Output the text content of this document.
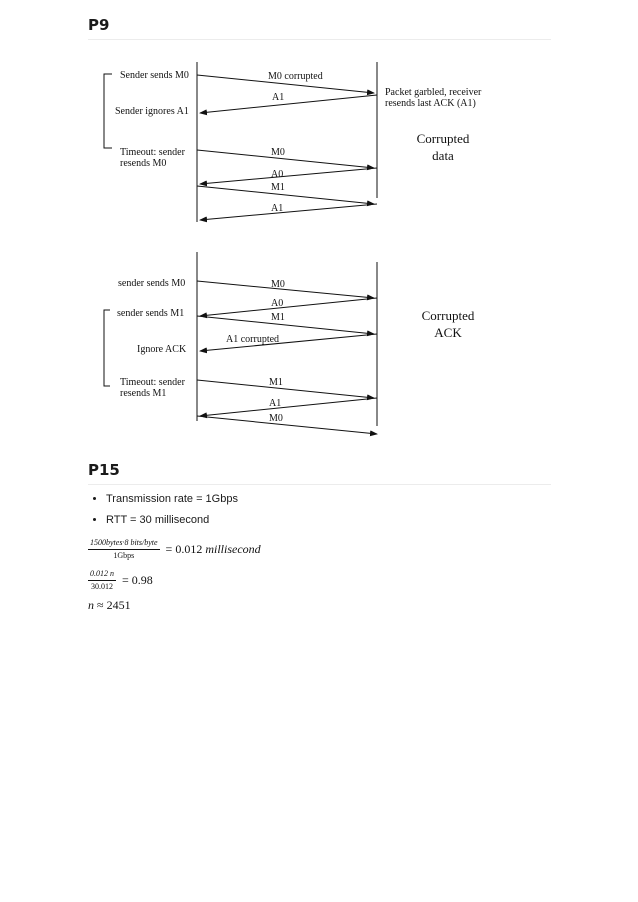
P9
Sender sends M0
Sender ignores A1
Timeout: sender
resends M0
M0 corrupted
A1
M0
A0
M1
A1
Packet garbled, receiver
resends last ACK (A1)
Corrupted
data
sender sends M0
sender sends M1
Ignore ACK
Timeout: sender
resends M1
M0
A0
M1
A1 corrupted
M1
A1
M0
Corrupted
ACK
P15
• Transmission rate = 1Gbps
• RTT = 30 millisecond
$\frac{\text{1500bytes·8 bits/byte}}{\text{1Gbps}} = 0.012$ millisecond
$\frac{0.012 n}{30.012} = 0.98$
n ≈ 2451
